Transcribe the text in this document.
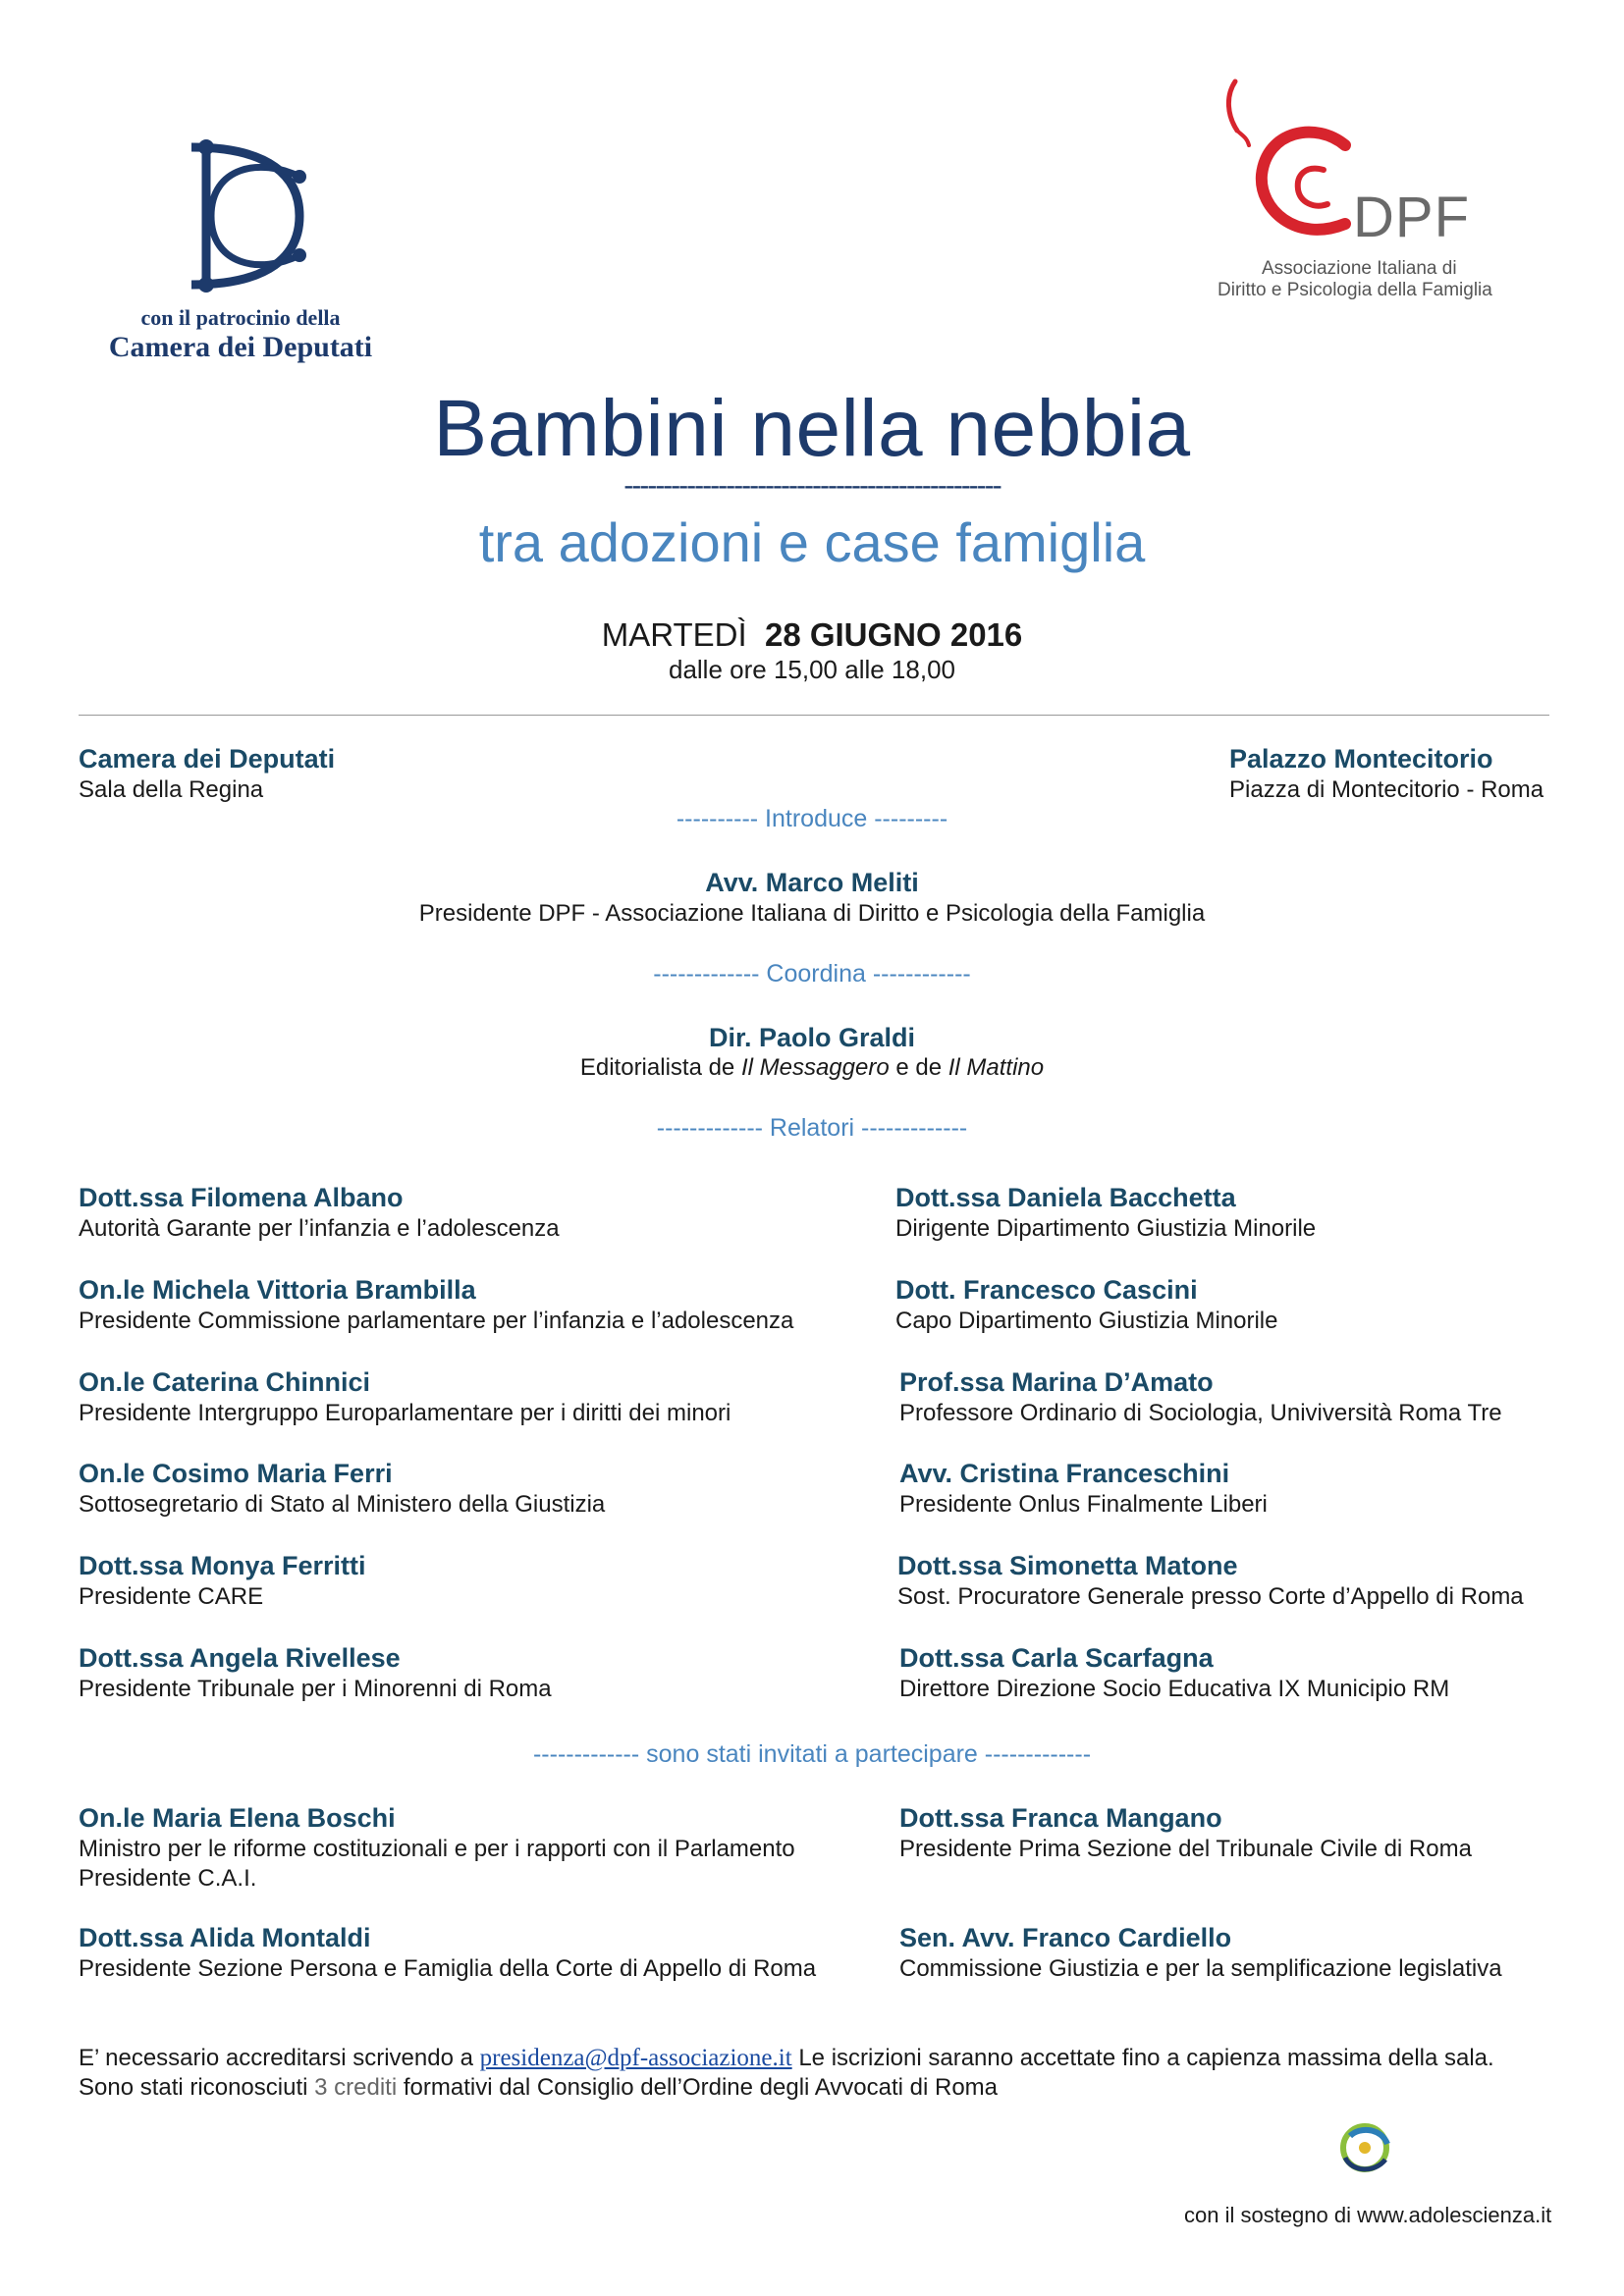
con il patrocinio della
Camera dei Deputati
DPF
Associazione Italiana di
Diritto e Psicologia della Famiglia
Bambini nella nebbia
------------------------------------------------
tra adozioni e case famiglia
MARTEDÌ 28 GIUGNO 2016
dalle ore 15,00 alle 18,00
Camera dei Deputati
Sala della Regina
Palazzo Montecitorio
Piazza di Montecitorio - Roma
---------- Introduce ---------
Avv. Marco Meliti
Presidente DPF - Associazione Italiana di Diritto e Psicologia della Famiglia
------------- Coordina ------------
Dir. Paolo Graldi
Editorialista de Il Messaggero e de Il Mattino
------------- Relatori -------------
Dott.ssa Filomena Albano
Autorità Garante per l’infanzia e l’adolescenza
Dott.ssa Daniela Bacchetta
Dirigente Dipartimento Giustizia Minorile
On.le Michela Vittoria Brambilla
Presidente Commissione parlamentare per l’infanzia e l’adolescenza
Dott. Francesco Cascini
Capo Dipartimento Giustizia Minorile
On.le Caterina Chinnici
Presidente Intergruppo Europarlamentare per i diritti dei minori
Prof.ssa Marina D’Amato
Professore Ordinario di Sociologia, Univiversità Roma Tre
On.le Cosimo Maria Ferri
Sottosegretario di Stato al Ministero della Giustizia
Avv. Cristina Franceschini
Presidente Onlus Finalmente Liberi
Dott.ssa Monya Ferritti
Presidente CARE
Dott.ssa Simonetta Matone
Sost. Procuratore Generale presso Corte d’Appello di Roma
Dott.ssa Angela Rivellese
Presidente Tribunale per i Minorenni di Roma
Dott.ssa Carla Scarfagna
Direttore Direzione Socio Educativa IX Municipio RM
------------- sono stati invitati a partecipare -------------
On.le Maria Elena Boschi
Ministro per le riforme costituzionali e per i rapporti con il Parlamento
Presidente C.A.I.
Dott.ssa Franca Mangano
Presidente Prima Sezione del Tribunale Civile di Roma
Dott.ssa Alida Montaldi
Presidente Sezione Persona e Famiglia della Corte di Appello di Roma
Sen. Avv. Franco Cardiello
Commissione Giustizia e per la semplificazione legislativa
E’ necessario accreditarsi scrivendo a presidenza@dpf-associazione.it Le iscrizioni saranno accettate fino a capienza massima della sala.
Sono stati riconosciuti 3 crediti formativi dal Consiglio dell’Ordine degli Avvocati di Roma
con il sostegno di www.adolescienza.it
